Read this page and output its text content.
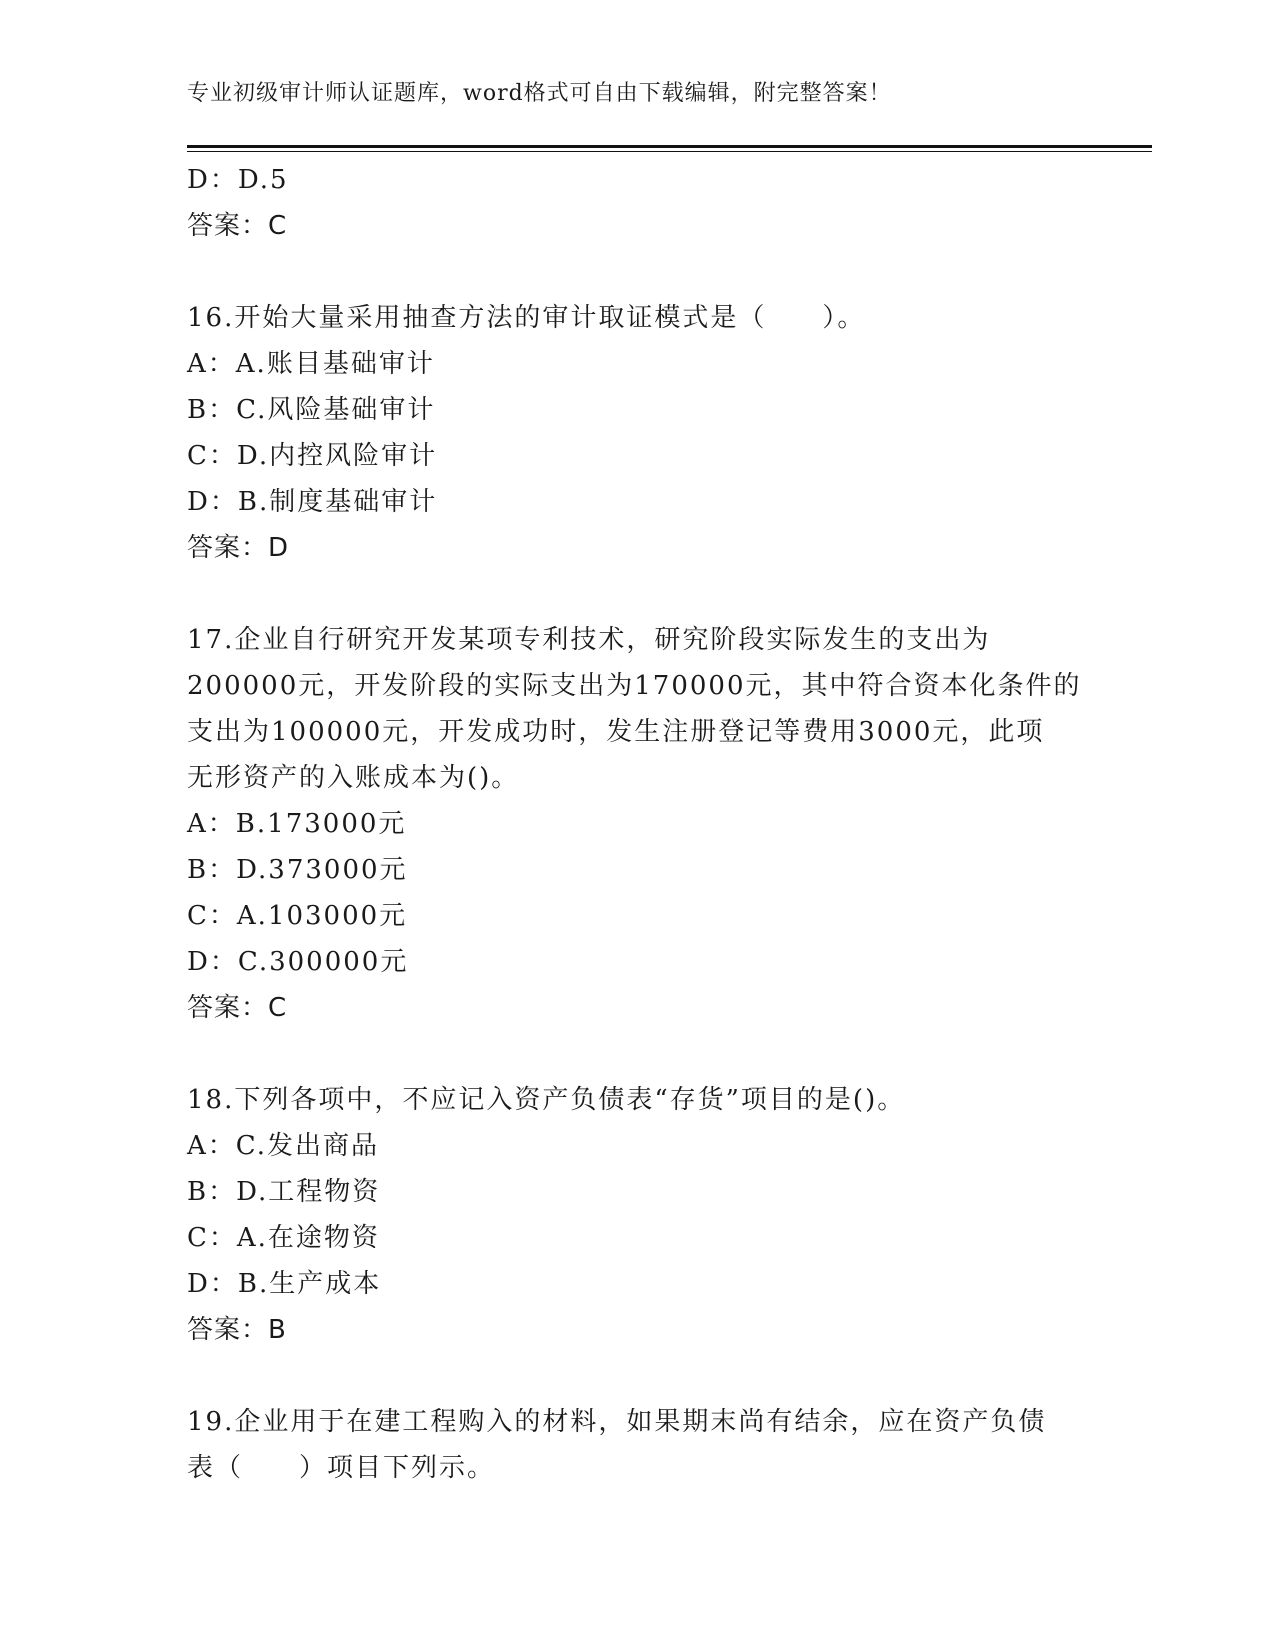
专业初级审计师认证题库，word格式可自由下载编辑，附完整答案！
D：D.5
答案：C
16.开始大量采用抽查方法的审计取证模式是（　　）。
A：A.账目基础审计
B：C.风险基础审计
C：D.内控风险审计
D：B.制度基础审计
答案：D
17.企业自行研究开发某项专利技术，研究阶段实际发生的支出为
200000元，开发阶段的实际支出为170000元，其中符合资本化条件的
支出为100000元，开发成功时，发生注册登记等费用3000元，此项
无形资产的入账成本为()。
A：B.173000元
B：D.373000元
C：A.103000元
D：C.300000元
答案：C
18.下列各项中，不应记入资产负债表“存货”项目的是()。
A：C.发出商品
B：D.工程物资
C：A.在途物资
D：B.生产成本
答案：B
19.企业用于在建工程购入的材料，如果期末尚有结余，应在资产负债
表（　　）项目下列示。
